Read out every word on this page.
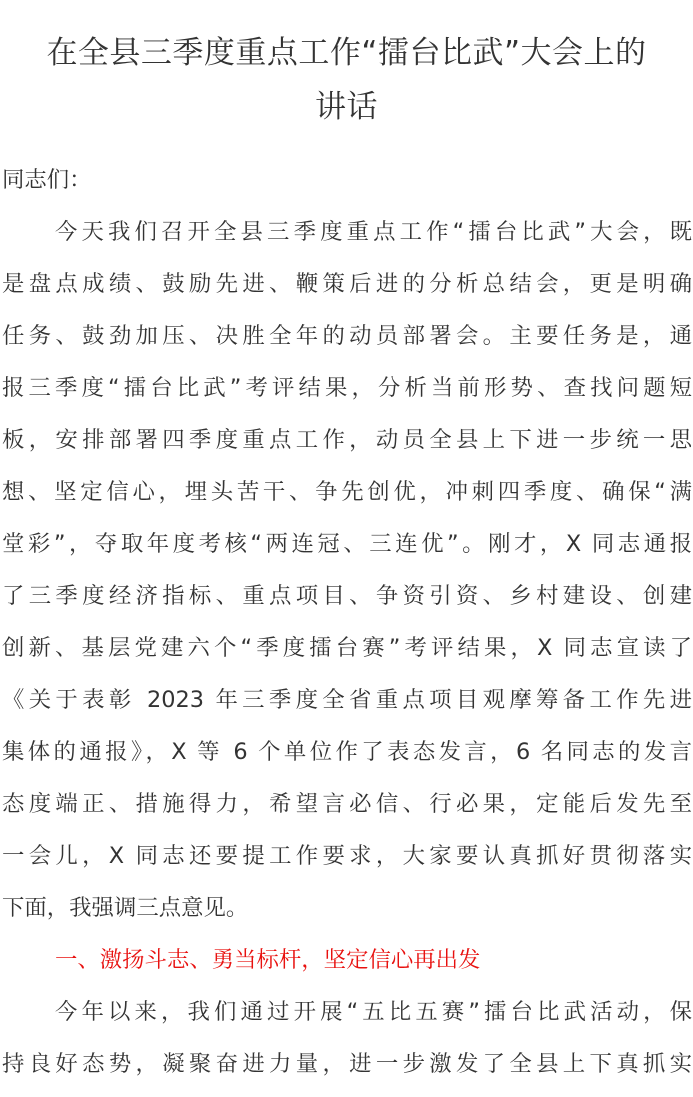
在全县三季度重点工作“擂台比武”大会上的
讲话
同志们：
今天我们召开全县三季度重点工作“擂台比武”大会，既
是盘点成绩、鼓励先进、鞭策后进的分析总结会，更是明确
任务、鼓劲加压、决胜全年的动员部署会。主要任务是，通
报三季度“擂台比武”考评结果，分析当前形势、查找问题短
板，安排部署四季度重点工作，动员全县上下进一步统一思
想、坚定信心，埋头苦干、争先创优，冲刺四季度、确保“满
堂彩”，夺取年度考核“两连冠、三连优”。刚才，X 同志通报
了三季度经济指标、重点项目、争资引资、乡村建设、创建
创新、基层党建六个“季度擂台赛”考评结果，X 同志宣读了
《关于表彰 2023 年三季度全省重点项目观摩筹备工作先进
集体的通报》，X 等 6 个单位作了表态发言，6 名同志的发言
态度端正、措施得力，希望言必信、行必果，定能后发先至
一会儿，X 同志还要提工作要求，大家要认真抓好贯彻落实
下面，我强调三点意见。
一、激扬斗志、勇当标杆，坚定信心再出发
今年以来，我们通过开展“五比五赛”擂台比武活动，保
持良好态势，凝聚奋进力量，进一步激发了全县上下真抓实
